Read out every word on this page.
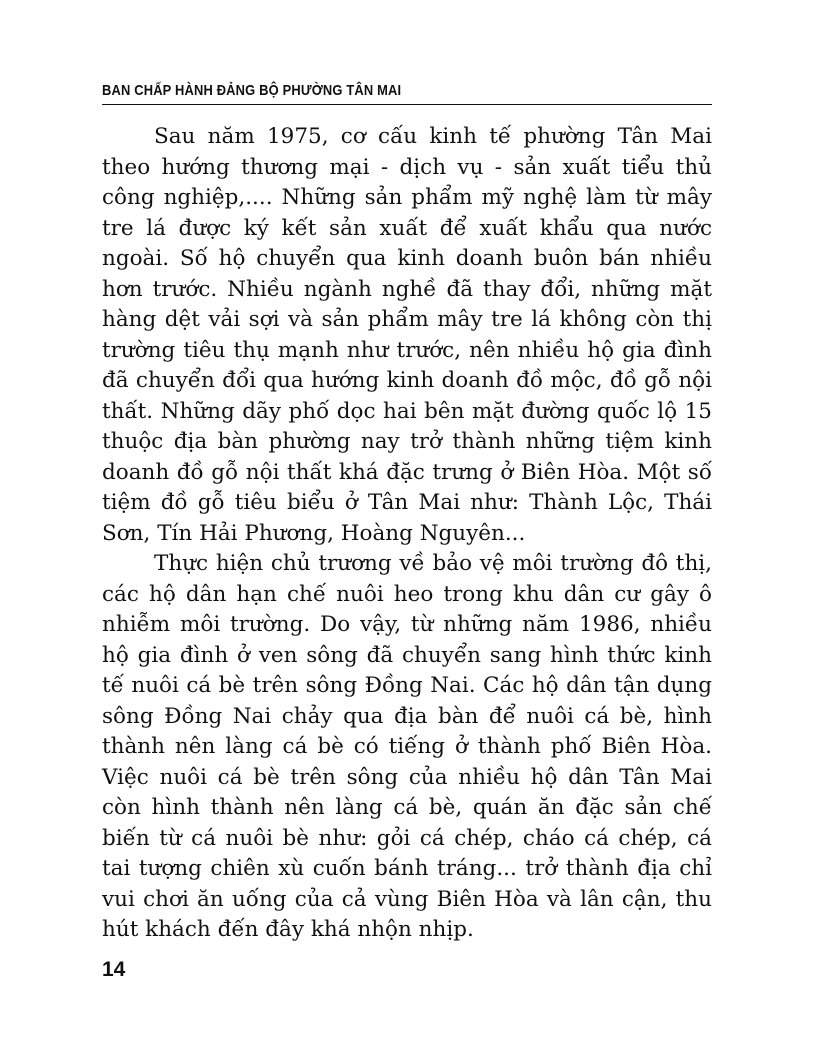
BAN CHẤP HÀNH ĐẢNG BỘ PHƯỜNG TÂN MAI

Sau năm 1975, cơ cấu kinh tế phường Tân Mai theo hướng thương mại - dịch vụ - sản xuất tiểu thủ công nghiệp,.... Những sản phẩm mỹ nghệ làm từ mây tre lá được ký kết sản xuất để xuất khẩu qua nước ngoài. Số hộ chuyển qua kinh doanh buôn bán nhiều hơn trước. Nhiều ngành nghề đã thay đổi, những mặt hàng dệt vải sợi và sản phẩm mây tre lá không còn thị trường tiêu thụ mạnh như trước, nên nhiều hộ gia đình đã chuyển đổi qua hướng kinh doanh đồ mộc, đồ gỗ nội thất. Những dãy phố dọc hai bên mặt đường quốc lộ 15 thuộc địa bàn phường nay trở thành những tiệm kinh doanh đồ gỗ nội thất khá đặc trưng ở Biên Hòa. Một số tiệm đồ gỗ tiêu biểu ở Tân Mai như: Thành Lộc, Thái Sơn, Tín Hải Phương, Hoàng Nguyên...

Thực hiện chủ trương về bảo vệ môi trường đô thị, các hộ dân hạn chế nuôi heo trong khu dân cư gây ô nhiễm môi trường. Do vậy, từ những năm 1986, nhiều hộ gia đình ở ven sông đã chuyển sang hình thức kinh tế nuôi cá bè trên sông Đồng Nai. Các hộ dân tận dụng sông Đồng Nai chảy qua địa bàn để nuôi cá bè, hình thành nên làng cá bè có tiếng ở thành phố Biên Hòa. Việc nuôi cá bè trên sông của nhiều hộ dân Tân Mai còn hình thành nên làng cá bè, quán ăn đặc sản chế biến từ cá nuôi bè như: gỏi cá chép, cháo cá chép, cá tai tượng chiên xù cuốn bánh tráng... trở thành địa chỉ vui chơi ăn uống của cả vùng Biên Hòa và lân cận, thu hút khách đến đây khá nhộn nhịp.

14
